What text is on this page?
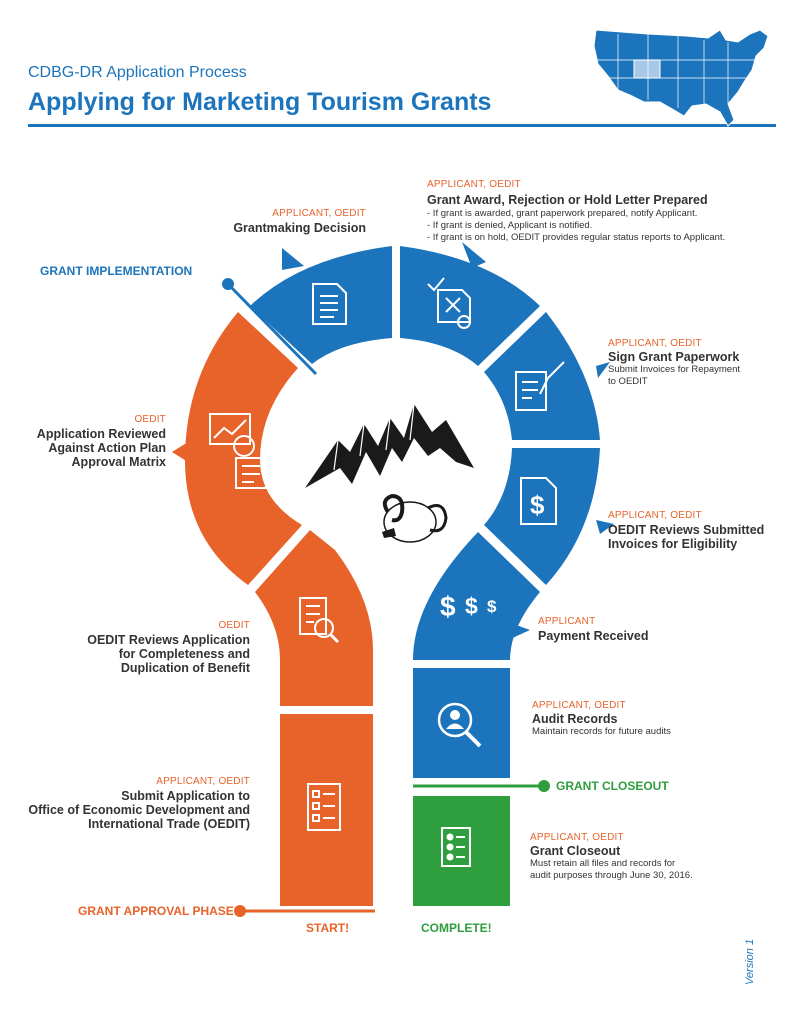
CDBG-DR Application Process
Applying for Marketing Tourism Grants
$
$ $ $
GRANT IMPLEMENTATION
GRANT APPROVAL PHASE
GRANT CLOSEOUT
START!	COMPLETE!
APPLICANT, OEDIT
Grant Award, Rejection or Hold Letter Prepared
- If grant is awarded, grant paperwork prepared, notify Applicant.
- If grant is denied, Applicant is notified.
- If grant is on hold, OEDIT provides regular status reports to Applicant.
APPLICANT, OEDIT
Grantmaking Decision
APPLICANT, OEDIT
Sign Grant Paperwork
Submit Invoices for Repayment
to OEDIT
OEDIT
Application Reviewed
Against Action Plan
Approval Matrix
APPLICANT, OEDIT
OEDIT Reviews Submitted
Invoices for Eligibility
APPLICANT
Payment Received
OEDIT
OEDIT Reviews Application
for Completeness and
Duplication of Benefit
APPLICANT, OEDIT
Audit Records
Maintain records for future audits
APPLICANT, OEDIT
Submit Application to
Office of Economic Development and
International Trade (OEDIT)
APPLICANT, OEDIT
Grant Closeout
Must retain all files and records for
audit purposes through June 30, 2016.
Version 1
